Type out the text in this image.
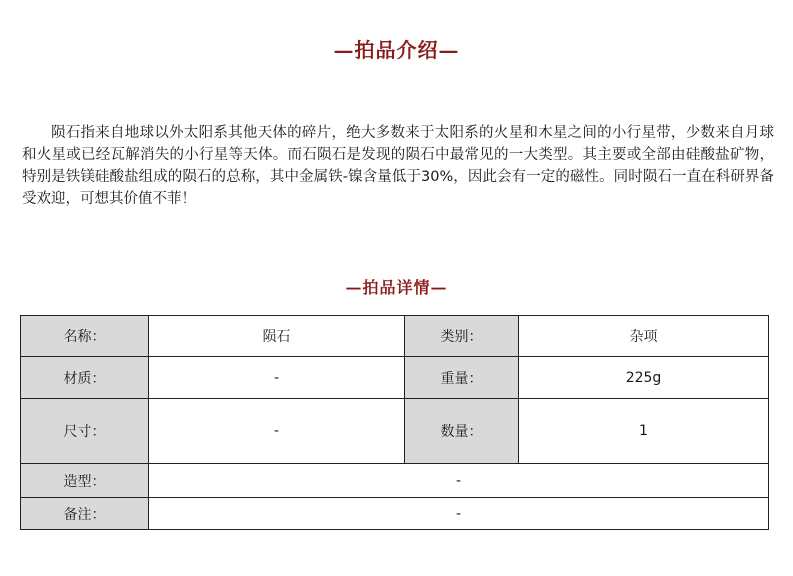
—拍品介绍—

陨石指来自地球以外太阳系其他天体的碎片，绝大多数来于太阳系的火星和木星之间的小行星带，少数来自月球和火星或已经瓦解消失的小行星等天体。而石陨石是发现的陨石中最常见的一大类型。其主要或全部由硅酸盐矿物，特别是铁镁硅酸盐组成的陨石的总称，其中金属铁-镍含量低于30%，因此会有一定的磁性。同时陨石一直在科研界备受欢迎，可想其价值不菲！

—拍品详情—
名称：	陨石	类别：	杂项
材质：	-	重量：	225g
尺寸：	-	数量：	1
造型：	-		
备注：	-		
